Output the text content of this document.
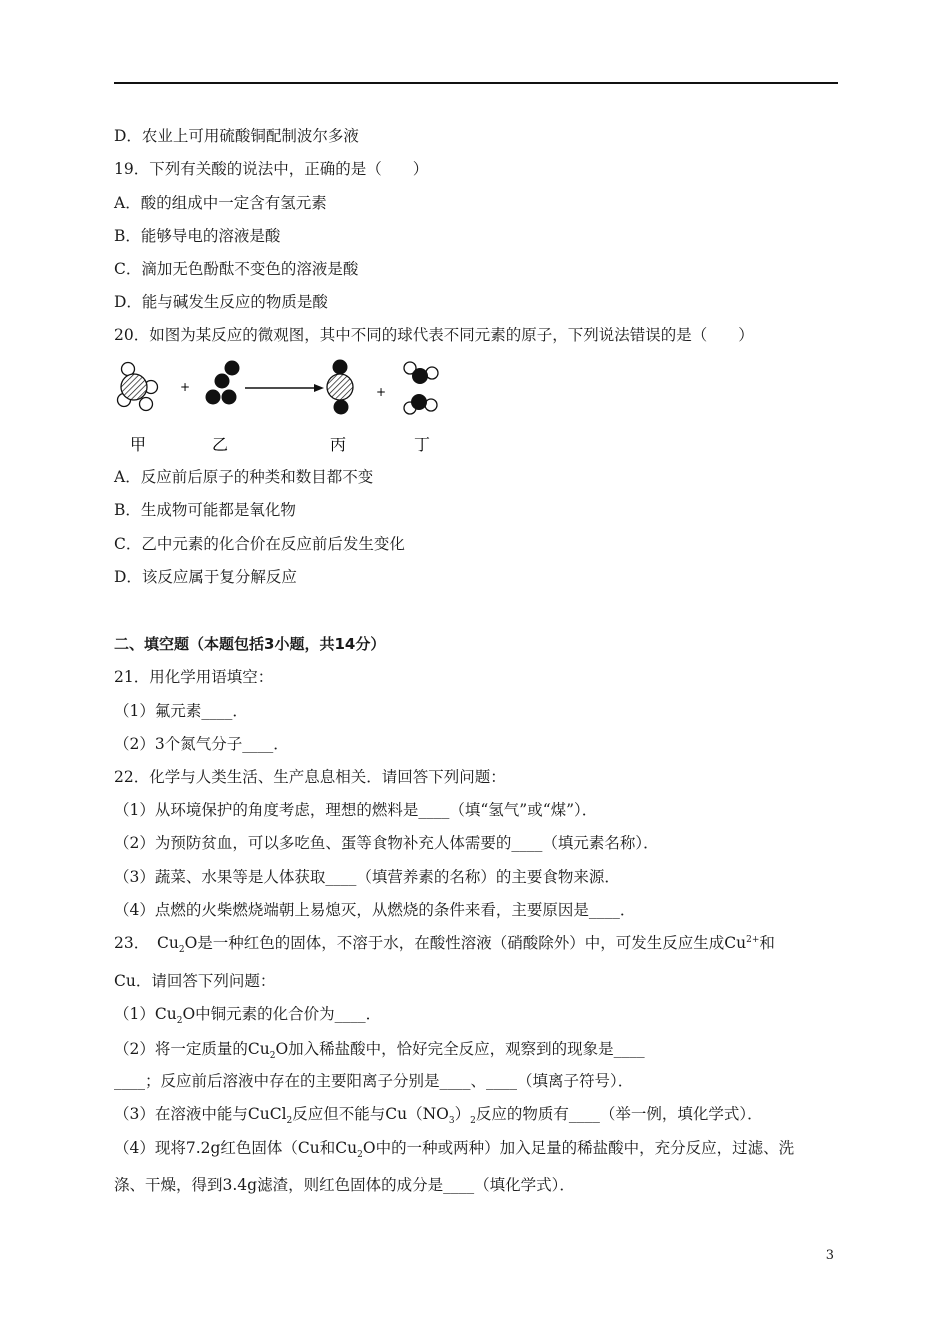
D．农业上可用硫酸铜配制波尔多液
19．下列有关酸的说法中，正确的是（　　）
A．酸的组成中一定含有氢元素
B．能够导电的溶液是酸
C．滴加无色酚酞不变色的溶液是酸
D．能与碱发生反应的物质是酸
20．如图为某反应的微观图，其中不同的球代表不同元素的原子，下列说法错误的是（　　）
+	+
甲	乙	丙	丁
A．反应前后原子的种类和数目都不变
B．生成物可能都是氧化物
C．乙中元素的化合价在反应前后发生变化
D．该反应属于复分解反应
二、填空题（本题包括3小题，共14分）
21．用化学用语填空：
（1）氟元素____．
（2）3个氮气分子____．
22．化学与人类生活、生产息息相关．请回答下列问题：
（1）从环境保护的角度考虑，理想的燃料是____（填“氢气”或“煤”）．
（2）为预防贫血，可以多吃鱼、蛋等食物补充人体需要的____（填元素名称）．
（3）蔬菜、水果等是人体获取____（填营养素的名称）的主要食物来源．
（4）点燃的火柴燃烧端朝上易熄灭，从燃烧的条件来看，主要原因是____．
23．　$Cu_2O$是一种红色的固体，不溶于水，在酸性溶液（硝酸除外）中，可发生反应生成$Cu^{2+}$和
Cu．请回答下列问题：
$(1)Cu_2O$中铜元素的化合价为____．
（2）将一定质量的$Cu_2O$加入稀盐酸中，恰好完全反应，观察到的现象是____
____；反应前后溶液中存在的主要阳离子分别是____、____（填离子符号）．
（3）在溶液中能与CuCl$_2$反应但不能与$Cu(NO_3)_2$反应的物质有____（举一例，填化学式）．
（4）现将7.2g红色固体（Cu和$Cu_2O$中的一种或两种）加入足量的稀盐酸中，充分反应，过滤、洗
涤、干燥，得到3.4g滤渣，则红色固体的成分是____（填化学式）．
3
